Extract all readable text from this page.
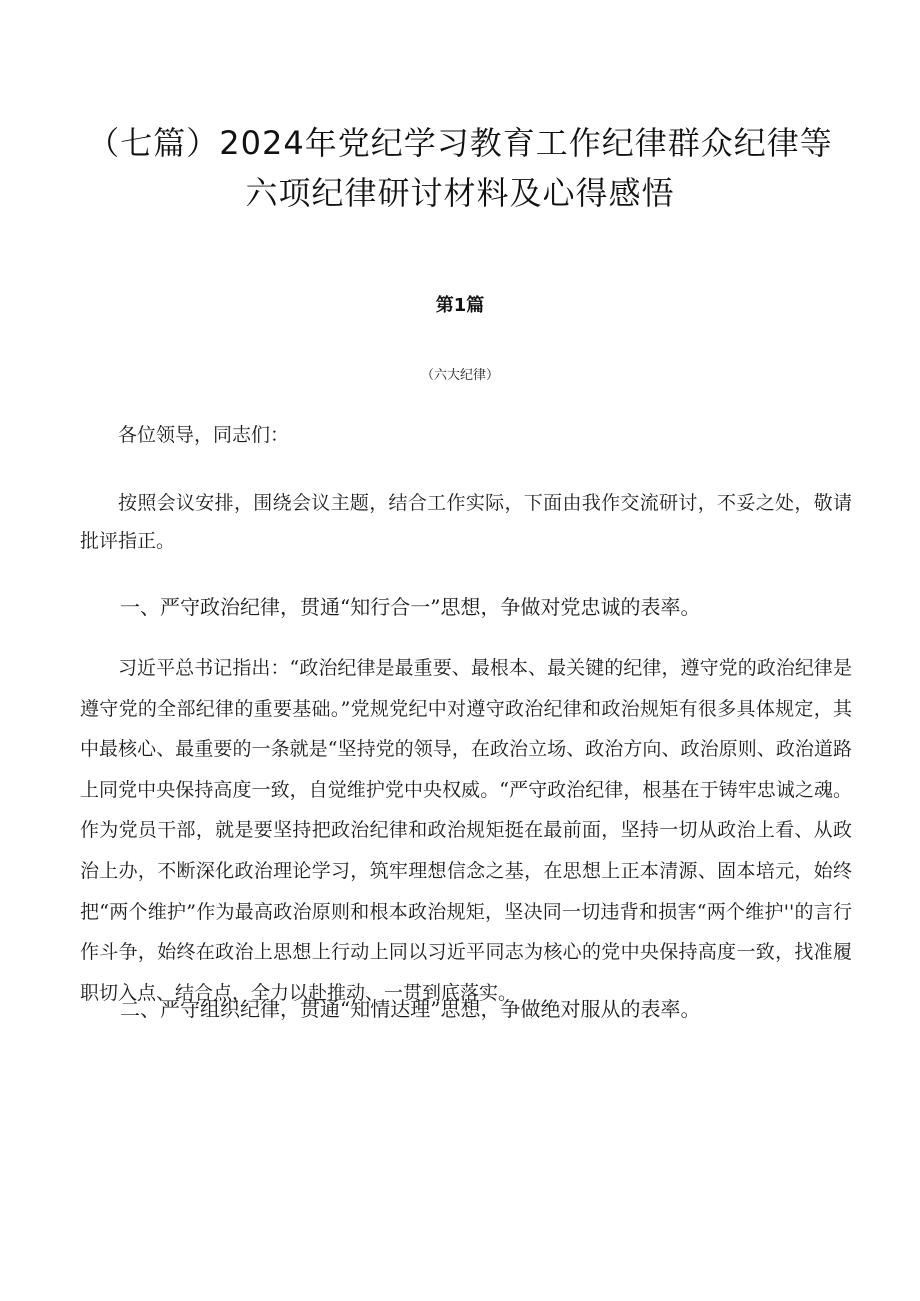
（七篇）2024年党纪学习教育工作纪律群众纪律等
六项纪律研讨材料及心得感悟
第1篇
（六大纪律）
各位领导，同志们：
按照会议安排，围绕会议主题，结合工作实际，下面由我作交流研讨，不妥之处，敬请批评指正。
一、严守政治纪律，贯通“知行合一”思想，争做对党忠诚的表率。
习近平总书记指出：“政治纪律是最重要、最根本、最关键的纪律，遵守党的政治纪律是遵守党的全部纪律的重要基础。”党规党纪中对遵守政治纪律和政治规矩有很多具体规定，其中最核心、最重要的一条就是“坚持党的领导，在政治立场、政治方向、政治原则、政治道路上同党中央保持高度一致，自觉维护党中央权威。“严守政治纪律，根基在于铸牢忠诚之魂。作为党员干部，就是要坚持把政治纪律和政治规矩挺在最前面，坚持一切从政治上看、从政治上办，不断深化政治理论学习，筑牢理想信念之基，在思想上正本清源、固本培元，始终把“两个维护”作为最高政治原则和根本政治规矩，坚决同一切违背和损害“两个维护''的言行作斗争，始终在政治上思想上行动上同以习近平同志为核心的党中央保持高度一致，找准履职切入点、结合点，全力以赴推动、一贯到底落实。
二、严守组织纪律，贯通“知情达理”思想，争做绝对服从的表率。
